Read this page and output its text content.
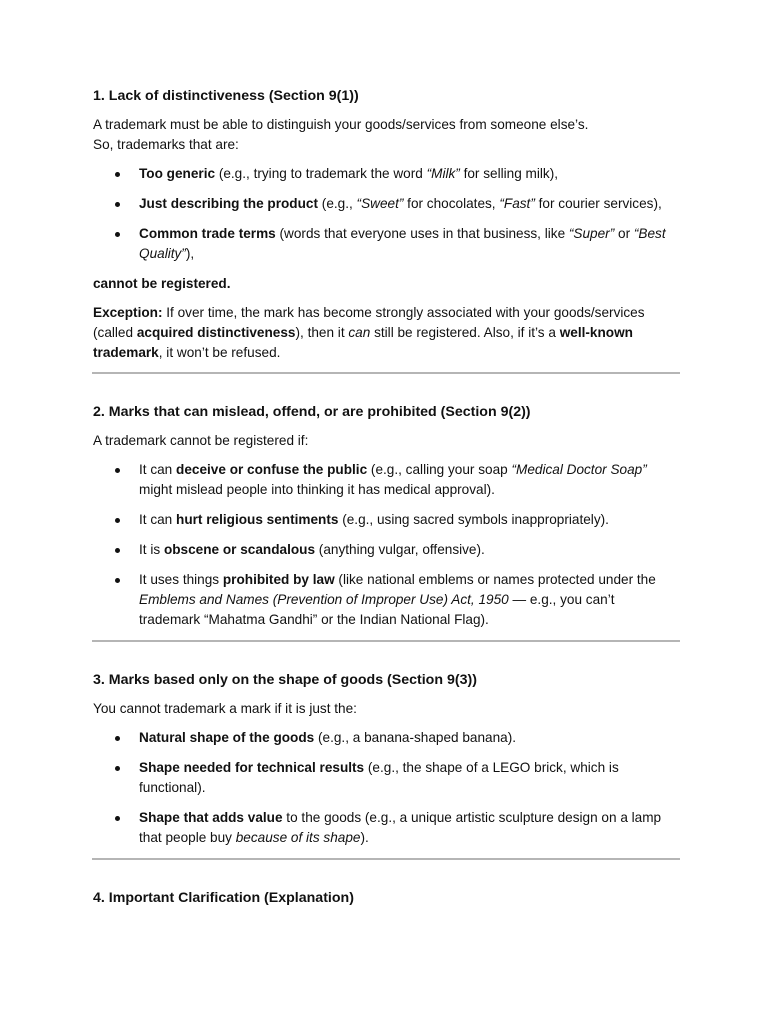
1. Lack of distinctiveness (Section 9(1))

A trademark must be able to distinguish your goods/services from someone else’s.
So, trademarks that are:

Too generic (e.g., trying to trademark the word “Milk” for selling milk),
Just describing the product (e.g., “Sweet” for chocolates, “Fast” for courier services),
Common trade terms (words that everyone uses in that business, like “Super” or “Best Quality”),

cannot be registered.

Exception: If over time, the mark has become strongly associated with your goods/services (called acquired distinctiveness), then it can still be registered. Also, if it’s a well-known trademark, it won’t be refused.

2. Marks that can mislead, offend, or are prohibited (Section 9(2))

A trademark cannot be registered if:

It can deceive or confuse the public (e.g., calling your soap “Medical Doctor Soap” might mislead people into thinking it has medical approval).
It can hurt religious sentiments (e.g., using sacred symbols inappropriately).
It is obscene or scandalous (anything vulgar, offensive).
It uses things prohibited by law (like national emblems or names protected under the Emblems and Names (Prevention of Improper Use) Act, 1950 — e.g., you can’t trademark “Mahatma Gandhi” or the Indian National Flag).
3. Marks based only on the shape of goods (Section 9(3))

You cannot trademark a mark if it is just the:

Natural shape of the goods (e.g., a banana-shaped banana).
Shape needed for technical results (e.g., the shape of a LEGO brick, which is functional).
Shape that adds value to the goods (e.g., a unique artistic sculpture design on a lamp that people buy because of its shape).
4. Important Clarification (Explanation)
